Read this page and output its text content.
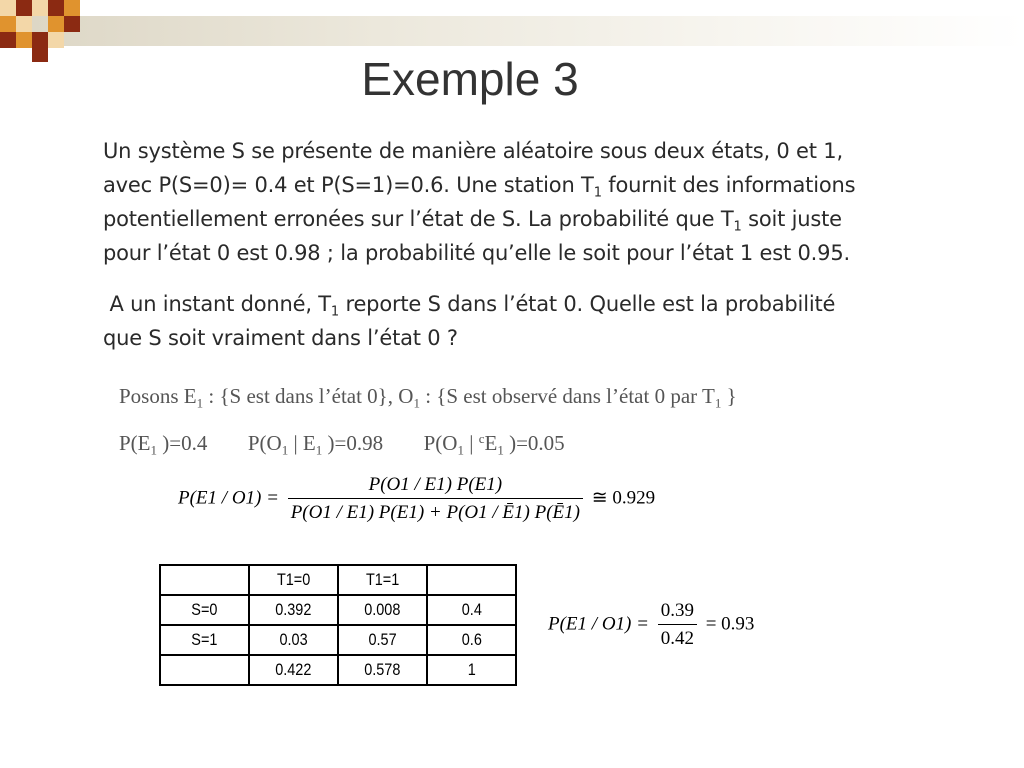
Exemple 3
Un système S se présente de manière aléatoire sous deux états, 0 et 1,
avec P(S=0)= 0.4 et P(S=1)=0.6. Une station $T_1$ fournit des informations
potentiellement erronées sur l’état de S. La probabilité que $T_1$ soit juste
pour l’état 0 est 0.98 ; la probabilité qu’elle le soit pour l’état 1 est 0.95.
A un instant donné, $T_1$ reporte S dans l’état 0. Quelle est la probabilité
que S soit vraiment dans l’état 0 ?
Posons $E_1$ : {S est dans l’état 0}, $O_1$ : {S est observé dans l’état 0 par $T_1$ }
$P(E_1$ )=0.4 $P(O_1$ | $E_1$ )=0.98 $P(O_1$ | $^cE_1$ )=0.05
$P(E1 / O1) = \frac{P(O1 / E1) P(E1)}{P(O1 / E1) P(E1) + P(O1 / Ē1) P(Ē1)}$ ≅ 0.929
	T1=0	T1=1	
S=0	0.392	0.008	0.4
S=1	0.03	0.57	0.6
	0.422	0.578	1
$P(E1 / O1) = \frac{0.39}{0.42} = 0.93$
